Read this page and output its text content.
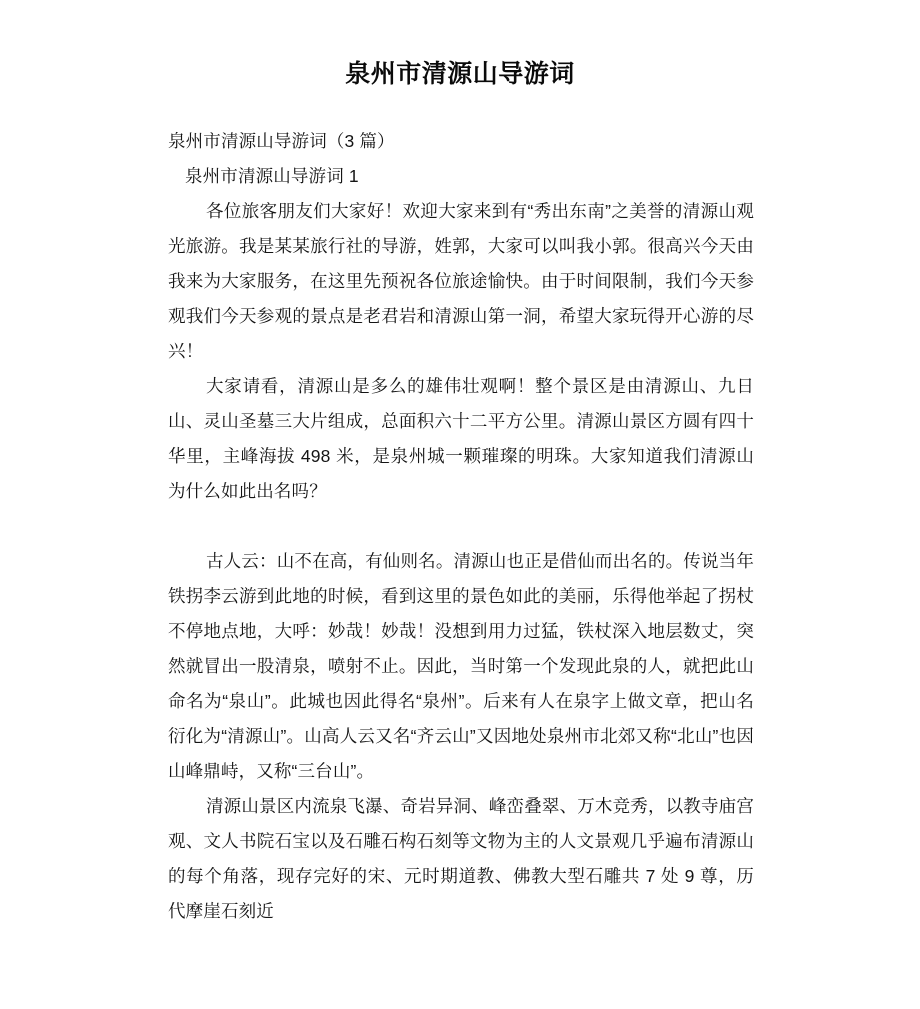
泉州市清源山导游词

泉州市清源山导游词（3 篇）

泉州市清源山导游词 1

各位旅客朋友们大家好！欢迎大家来到有“秀出东南”之美誉的清源山观光旅游。我是某某旅行社的导游，姓郭，大家可以叫我小郭。很高兴今天由我来为大家服务，在这里先预祝各位旅途愉快。由于时间限制，我们今天参观我们今天参观的景点是老君岩和清源山第一洞，希望大家玩得开心游的尽兴！

大家请看，清源山是多么的雄伟壮观啊！整个景区是由清源山、九日山、灵山圣墓三大片组成，总面积六十二平方公里。清源山景区方圆有四十华里，主峰海拔 498 米，是泉州城一颗璀璨的明珠。大家知道我们清源山为什么如此出名吗？

古人云：山不在高，有仙则名。清源山也正是借仙而出名的。传说当年铁拐李云游到此地的时候，看到这里的景色如此的美丽，乐得他举起了拐杖不停地点地，大呼：妙哉！妙哉！没想到用力过猛，铁杖深入地层数丈，突然就冒出一股清泉，喷射不止。因此，当时第一个发现此泉的人，就把此山命名为“泉山”。此城也因此得名“泉州”。后来有人在泉字上做文章，把山名衍化为“清源山”。山高人云又名“齐云山”又因地处泉州市北郊又称“北山”也因山峰鼎峙，又称“三台山”。

清源山景区内流泉飞瀑、奇岩异洞、峰峦叠翠、万木竞秀，以教寺庙宫观、文人书院石宝以及石雕石构石刻等文物为主的人文景观几乎遍布清源山的每个角落，现存完好的宋、元时期道教、佛教大型石雕共 7 处 9 尊，历代摩崖石刻近
